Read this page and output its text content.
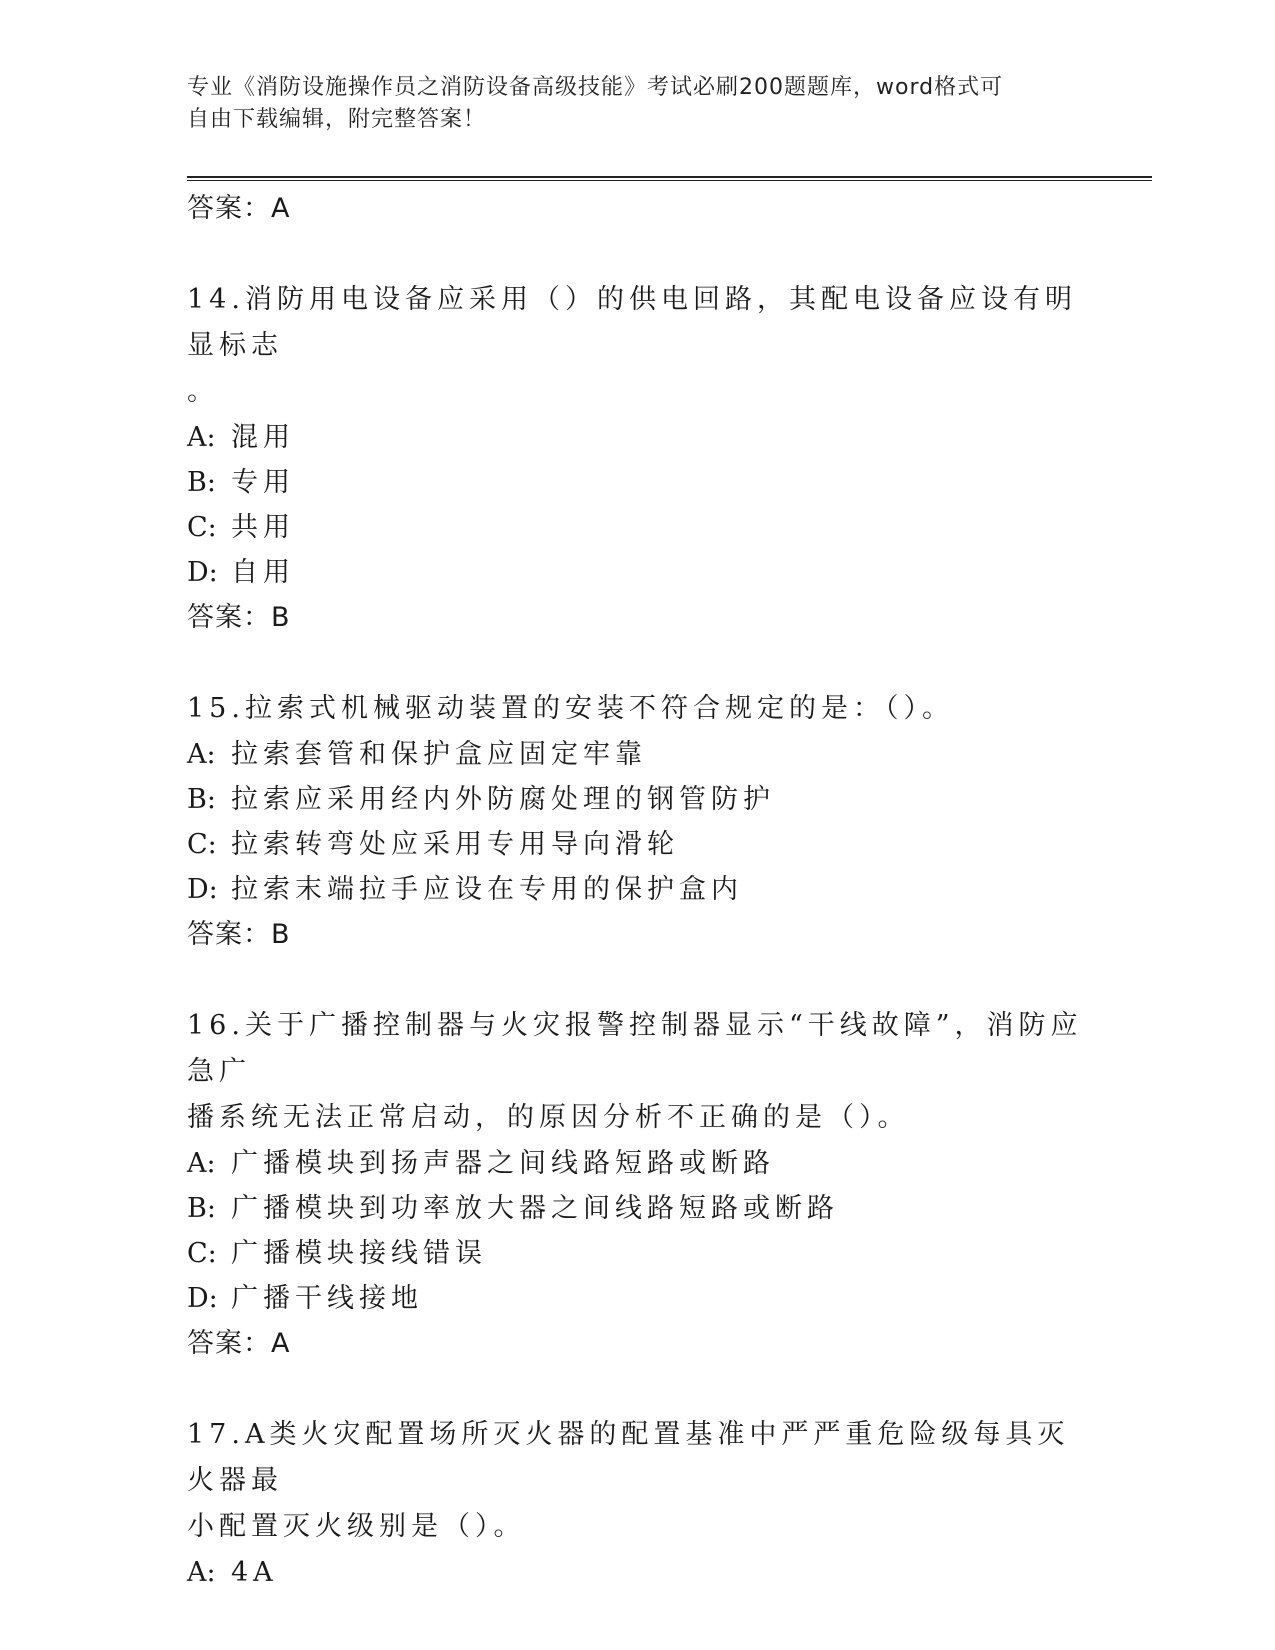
专业《消防设施操作员之消防设备高级技能》考试必刷200题题库，word格式可
自由下载编辑，附完整答案！
答案：A
14.消防用电设备应采用（）的供电回路，其配电设备应设有明显标志
。
A: 混用
B: 专用
C: 共用
D: 自用
答案：B
15.拉索式机械驱动装置的安装不符合规定的是：（）。
A: 拉索套管和保护盒应固定牢靠
B: 拉索应采用经内外防腐处理的钢管防护
C: 拉索转弯处应采用专用导向滑轮
D: 拉索末端拉手应设在专用的保护盒内
答案：B
16.关于广播控制器与火灾报警控制器显示“干线故障”，消防应急广
播系统无法正常启动，的原因分析不正确的是（）。
A: 广播模块到扬声器之间线路短路或断路
B: 广播模块到功率放大器之间线路短路或断路
C: 广播模块接线错误
D: 广播干线接地
答案：A
17.A类火灾配置场所灭火器的配置基准中严严重危险级每具灭火器最
小配置灭火级别是（）。
A: 4A
